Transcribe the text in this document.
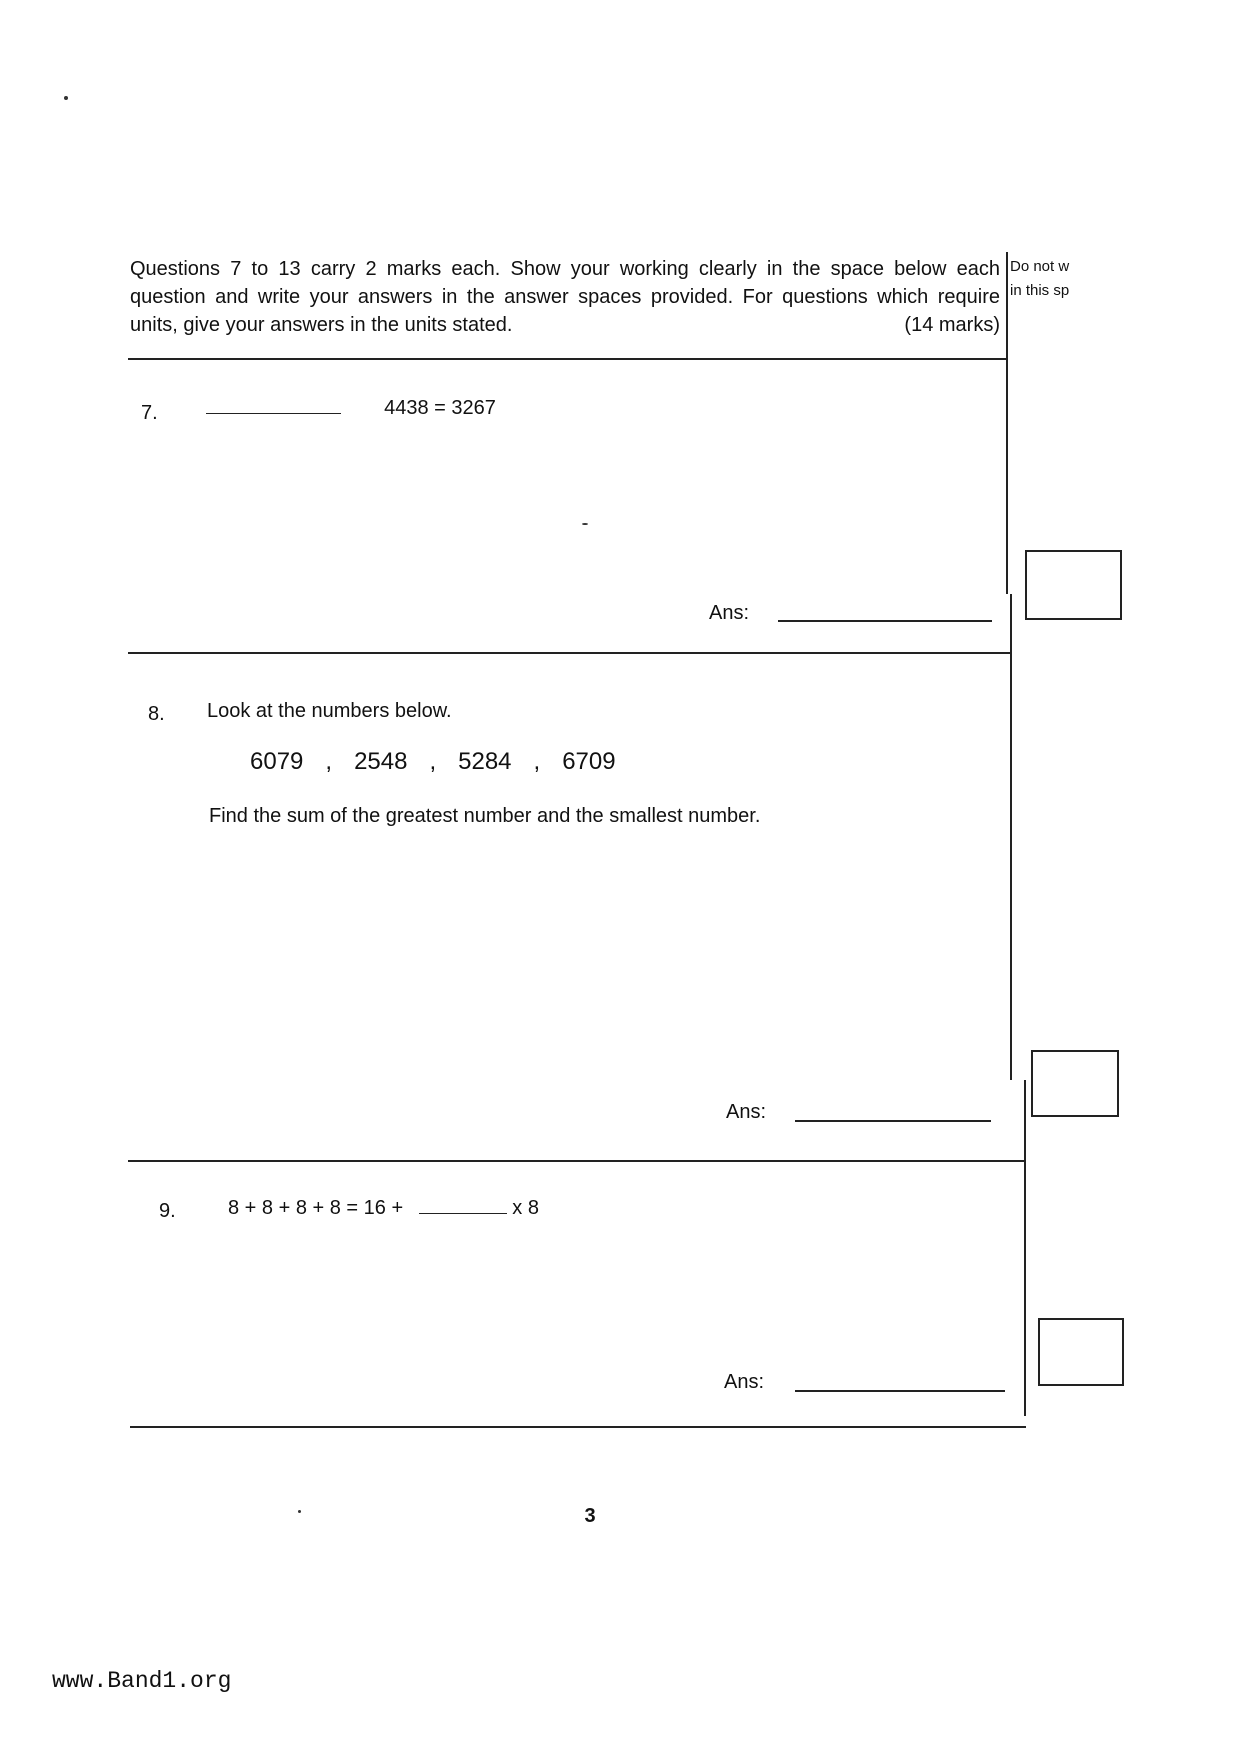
Questions 7 to 13 carry 2 marks each. Show your working clearly in the space below each question and write your answers in the answer spaces provided. For questions which require units, give your answers in the units stated.	(14 marks)
Do not w
in this sp
7.	4438 = 3267
Ans:
8. Look at the numbers below.
6079 , 2548 , 5284 , 6709
Find the sum of the greatest number and the smallest number.
Ans:
9.	8 + 8 + 8 + 8 = 16 +	x 8
Ans:
3
www.Band1.org
